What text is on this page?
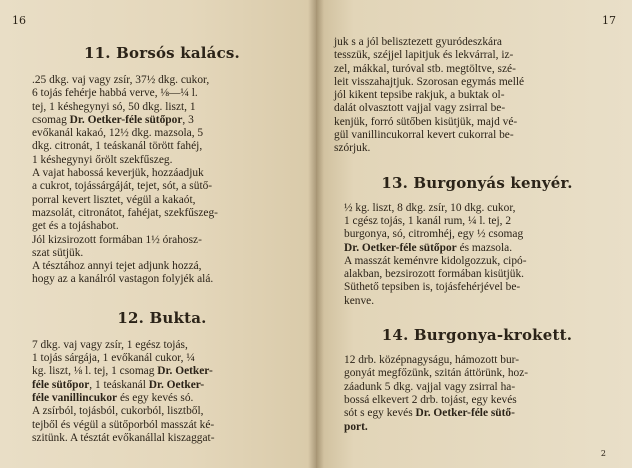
16
11. Borsós kalács.

.25 dkg. vaj vagy zsír, 37½ dkg. cukor,
6 tojás fehérje habbá verve, ⅛—¼ l.
tej, 1 késhegynyi só, 50 dkg. liszt, 1
csomag Dr. Oetker-féle sütőpor, 3
evőkanál kakaó, 12½ dkg. mazsola, 5
dkg. citronát, 1 teáskanál törött fahéj,
1 késhegynyi őrölt szekfűszeg.

A vajat habossá keverjük, hozzáadjuk
a cukrot, tojássárgáját, tejet, sót, a sütő-
porral kevert lisztet, végül a kakaót,
mazsolát, citronátot, fahéjat, szekfűszeg-
get és a tojáshabot.

Jól kizsirozott formában 1½ órahosz-
szat sütjük.

A tésztához annyi tejet adjunk hozzá,
hogy az a kanálról vastagon folyjék alá.

12. Bukta.

7 dkg. vaj vagy zsír, 1 egész tojás,
1 tojás sárgája, 1 evőkanál cukor, ¼
kg. liszt, ⅛ l. tej, 1 csomag Dr. Oetker-
féle sütőpor, 1 teáskanál Dr. Oetker-
féle vanillincukor és egy kevés só.

A zsírból, tojásból, cukorból, lisztből,
tejből és végül a sütőporból masszát ké-
szitünk. A tésztát evőkanállal kiszaggat-

17

juk s a jól belisztezett gyuródeszkára
tesszük, széjjel lapitjuk és lekvárral, iz-
zel, mákkal, turóval stb. megtöltve, szé-
leit visszahajtjuk. Szorosan egymás mellé
jól kikent tepsibe rakjuk, a buktak ol-
dalát olvasztott vajjal vagy zsirral be-
kenjük, forró sütőben kisütjük, majd vé-
gül vanillincukorral kevert cukorral be-
szórjuk.

13. Burgonyás kenyér.

½ kg. liszt, 8 dkg. zsír, 10 dkg. cukor,
1 cgész tojás, 1 kanál rum, ¼ l. tej, 2
burgonya, só, citromhéj, egy ½ csomag
Dr. Oetker-féle sütőpor és mazsola.

A masszát keménvre kidolgozzuk, cipó-
alakban, bezsirozott formában kisütjük.
Süthető tepsiben is, tojásfehérjével be-
kenve.

14. Burgonya-krokett.

12 drb. középnagyságu, hámozott bur-
gonyát megfőzünk, szitán áttörünk, hoz-
záadunk 5 dkg. vajjal vagy zsirral ha-
bossá elkevert 2 drb. tojást, egy kevés
sót s egy kevés Dr. Oetker-féle sütő-
port.

2
